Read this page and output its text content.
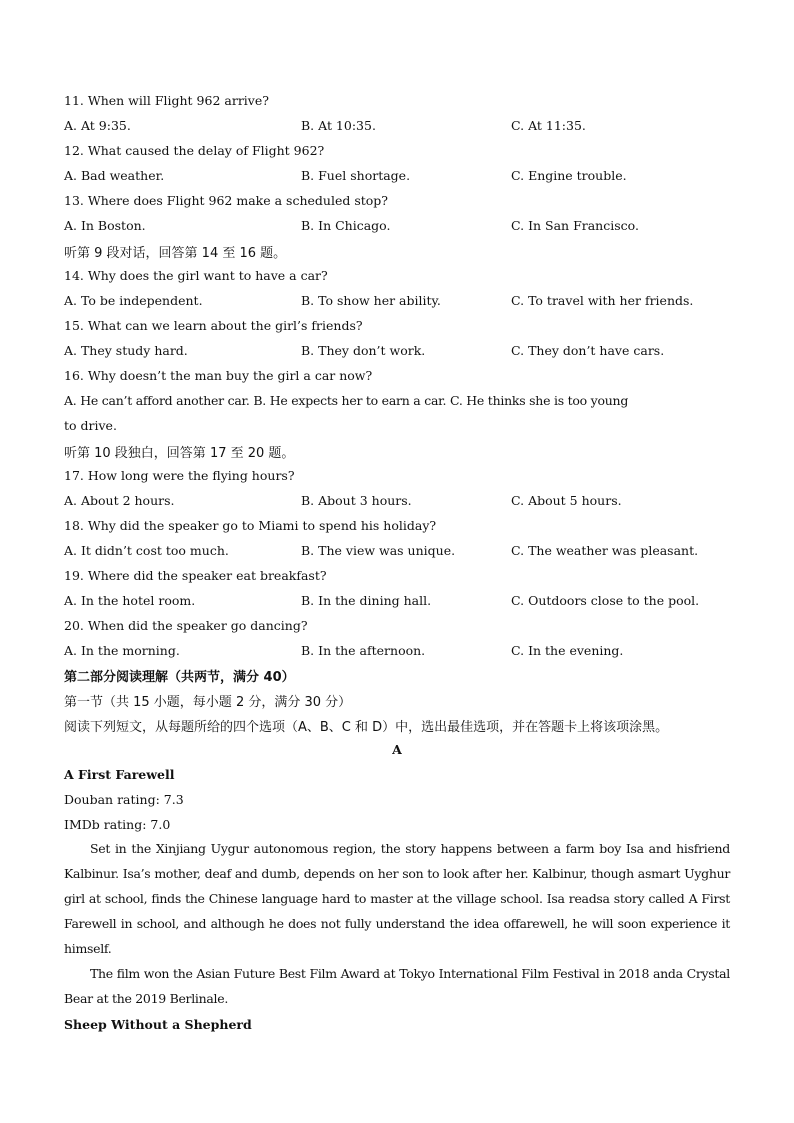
11. When will Flight 962 arrive?
A. At 9:35.	B. At 10:35.	C. At 11:35.
12. What caused the delay of Flight 962?
A. Bad weather.	B. Fuel shortage.	C. Engine trouble.
13. Where does Flight 962 make a scheduled stop?
A. In Boston.	B. In Chicago.	C. In San Francisco.
听第 9 段对话，回答第 14 至 16 题。
14. Why does the girl want to have a car?
A. To be independent.	B. To show her ability.	C. To travel with her friends.
15. What can we learn about the girl’s friends?
A. They study hard.	B. They don’t work.	C. They don’t have cars.
16. Why doesn’t the man buy the girl a car now?
A. He can’t afford another car. B. He expects her to earn a car. C. He thinks she is too young
to drive.
听第 10 段独白，回答第 17 至 20 题。
17. How long were the flying hours?
A. About 2 hours.	B. About 3 hours.	C. About 5 hours.
18. Why did the speaker go to Miami to spend his holiday?
A. It didn’t cost too much.	B. The view was unique.	C. The weather was pleasant.
19. Where did the speaker eat breakfast?
A. In the hotel room.	B. In the dining hall.	C. Outdoors close to the pool.
20. When did the speaker go dancing?
A. In the morning.	B. In the afternoon.	C. In the evening.
第二部分阅读理解（共两节，满分 40）
第一节（共 15 小题，每小题 2 分，满分 30 分）
阅读下列短文，从每题所给的四个选项（A、B、C 和 D）中，选出最佳选项，并在答题卡上将该项涂黑。
A
A First Farewell
Douban rating: 7.3
IMDb rating: 7.0
Set in the Xinjiang Uygur autonomous region, the story happens between a farm boy Isa and hisfriend Kalbinur. Isa’s mother, deaf and dumb, depends on her son to look after her. Kalbinur, though asmart Uyghur girl at school, finds the Chinese language hard to master at the village school. Isa readsa story called A First Farewell in school, and although he does not fully understand the idea offarewell, he will soon experience it himself.
The film won the Asian Future Best Film Award at Tokyo International Film Festival in 2018 anda Crystal Bear at the 2019 Berlinale.
Sheep Without a Shepherd
